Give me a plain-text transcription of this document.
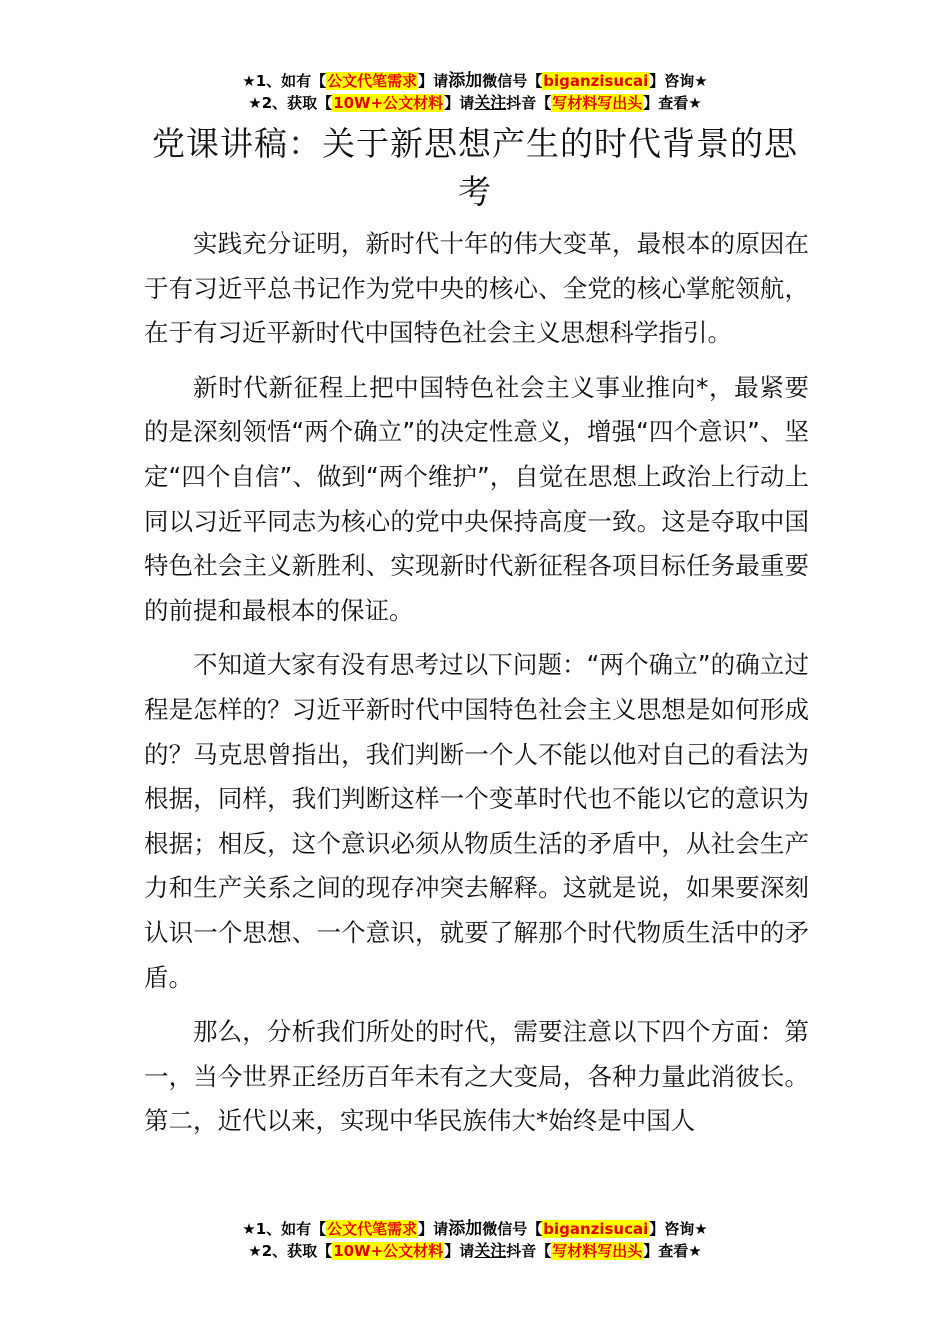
★1、如有【公文代笔需求】请添加微信号【biganzisucai】咨询★
★2、获取【10W+公文材料】请关注抖音【写材料写出头】查看★
党课讲稿：关于新思想产生的时代背景的思考

实践充分证明，新时代十年的伟大变革，最根本的原因在于有习近平总书记作为党中央的核心、全党的核心掌舵领航，在于有习近平新时代中国特色社会主义思想科学指引。

新时代新征程上把中国特色社会主义事业推向*，最紧要的是深刻领悟“两个确立”的决定性意义，增强“四个意识”、坚定“四个自信”、做到“两个维护”，自觉在思想上政治上行动上同以习近平同志为核心的党中央保持高度一致。这是夺取中国特色社会主义新胜利、实现新时代新征程各项目标任务最重要的前提和最根本的保证。

不知道大家有没有思考过以下问题：“两个确立”的确立过程是怎样的？习近平新时代中国特色社会主义思想是如何形成的？马克思曾指出，我们判断一个人不能以他对自己的看法为根据，同样，我们判断这样一个变革时代也不能以它的意识为根据；相反，这个意识必须从物质生活的矛盾中，从社会生产力和生产关系之间的现存冲突去解释。这就是说，如果要深刻认识一个思想、一个意识，就要了解那个时代物质生活中的矛盾。

那么，分析我们所处的时代，需要注意以下四个方面：第一，当今世界正经历百年未有之大变局，各种力量此消彼长。第二，近代以来，实现中华民族伟大*始终是中国人

★1、如有【公文代笔需求】请添加微信号【biganzisucai】咨询★
★2、获取【10W+公文材料】请关注抖音【写材料写出头】查看★
